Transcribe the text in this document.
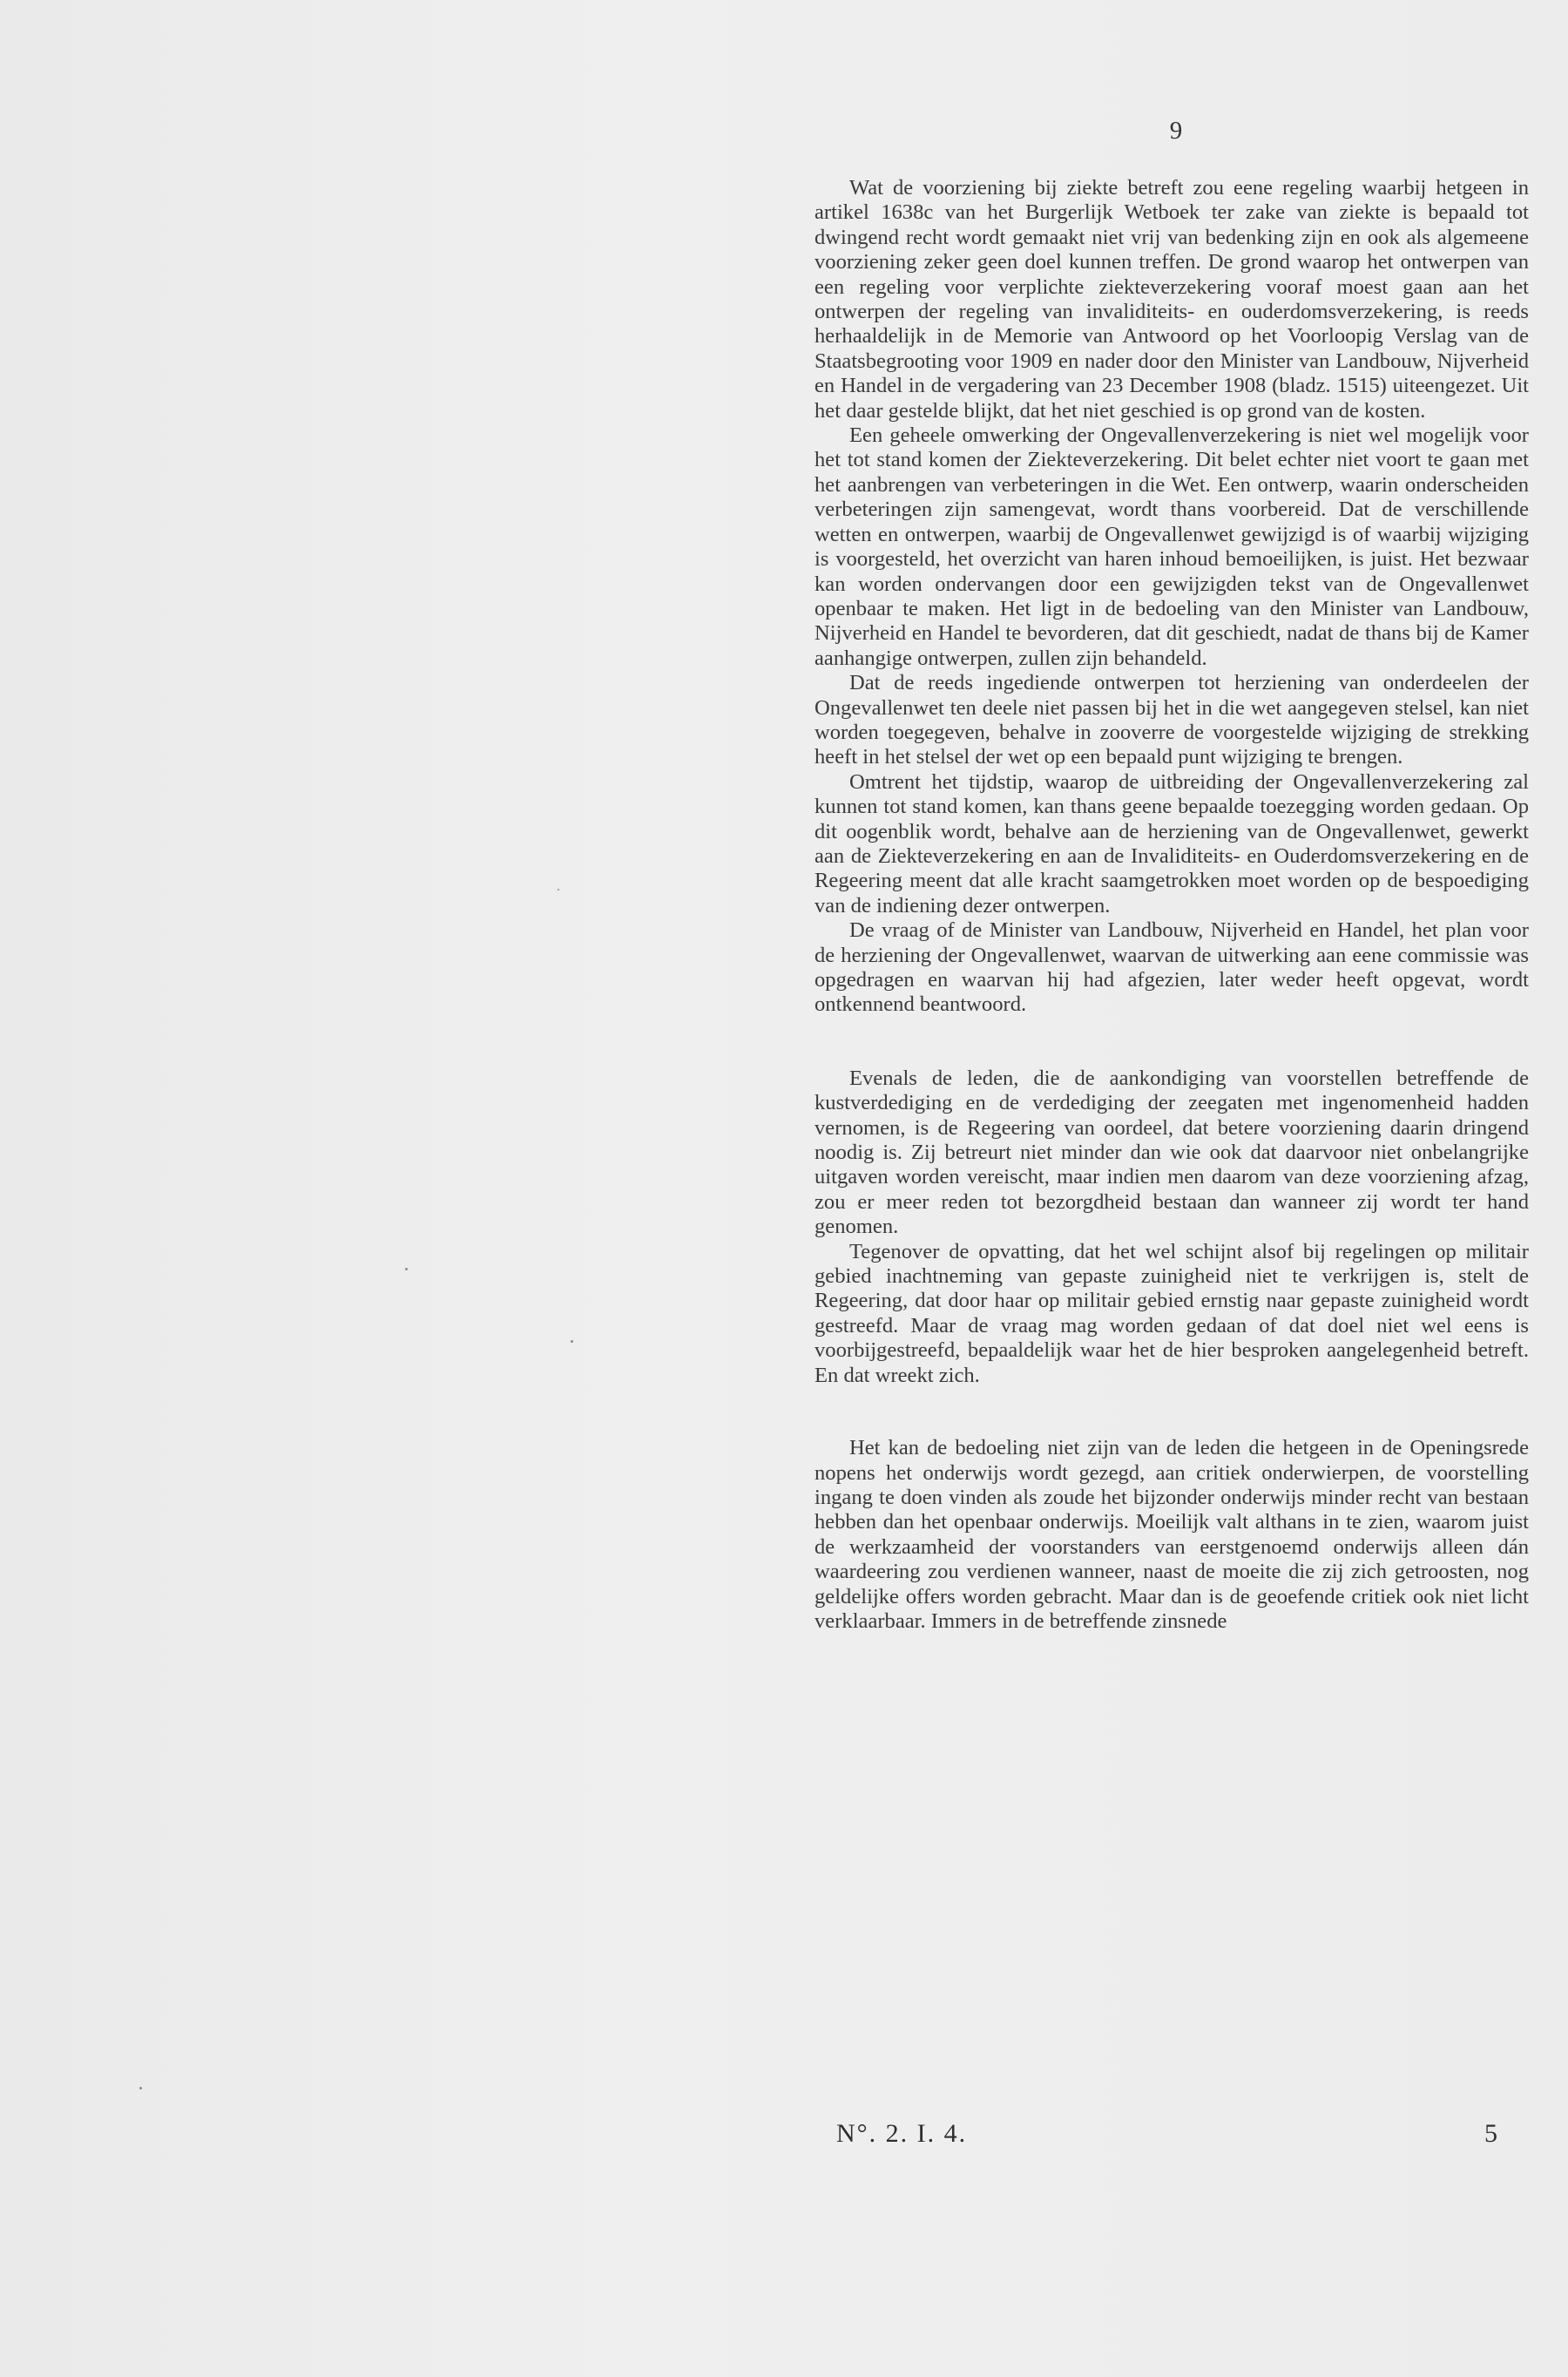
9

Wat de voorziening bij ziekte betreft zou eene regeling waarbij hetgeen in artikel 1638c van het Burgerlijk Wetboek ter zake van ziekte is bepaald tot dwingend recht wordt gemaakt niet vrij van bedenking zijn en ook als algemeene voorziening zeker geen doel kunnen treffen. De grond waarop het ontwerpen van een regeling voor verplichte ziekteverzekering vooraf moest gaan aan het ontwerpen der regeling van invaliditeits- en ouderdomsverzekering, is reeds herhaaldelijk in de Memorie van Antwoord op het Voorloopig Verslag van de Staatsbegrooting voor 1909 en nader door den Minister van Landbouw, Nijverheid en Handel in de vergadering van 23 December 1908 (bladz. 1515) uiteengezet. Uit het daar gestelde blijkt, dat het niet geschied is op grond van de kosten.

Een geheele omwerking der Ongevallenverzekering is niet wel mogelijk voor het tot stand komen der Ziekteverzekering. Dit belet echter niet voort te gaan met het aanbrengen van verbeteringen in die Wet. Een ontwerp, waarin onderscheiden verbeteringen zijn samengevat, wordt thans voorbereid. Dat de verschillende wetten en ontwerpen, waarbij de Ongevallenwet gewijzigd is of waarbij wijziging is voorgesteld, het overzicht van haren inhoud bemoeilijken, is juist. Het bezwaar kan worden ondervangen door een gewijzigden tekst van de Ongevallenwet openbaar te maken. Het ligt in de bedoeling van den Minister van Landbouw, Nijverheid en Handel te bevorderen, dat dit geschiedt, nadat de thans bij de Kamer aanhangige ontwerpen, zullen zijn behandeld.

Dat de reeds ingediende ontwerpen tot herziening van onderdeelen der Ongevallenwet ten deele niet passen bij het in die wet aangegeven stelsel, kan niet worden toegegeven, behalve in zooverre de voorgestelde wijziging de strekking heeft in het stelsel der wet op een bepaald punt wijziging te brengen.

Omtrent het tijdstip, waarop de uitbreiding der Ongevallenverzekering zal kunnen tot stand komen, kan thans geene bepaalde toezegging worden gedaan. Op dit oogenblik wordt, behalve aan de herziening van de Ongevallenwet, gewerkt aan de Ziekteverzekering en aan de Invaliditeits- en Ouderdomsverzekering en de Regeering meent dat alle kracht saamgetrokken moet worden op de bespoediging van de indiening dezer ontwerpen.

De vraag of de Minister van Landbouw, Nijverheid en Handel, het plan voor de herziening der Ongevallenwet, waarvan de uitwerking aan eene commissie was opgedragen en waarvan hij had afgezien, later weder heeft opgevat, wordt ontkennend beantwoord.

Evenals de leden, die de aankondiging van voorstellen betreffende de kustverdediging en de verdediging der zeegaten met ingenomenheid hadden vernomen, is de Regeering van oordeel, dat betere voorziening daarin dringend noodig is. Zij betreurt niet minder dan wie ook dat daarvoor niet onbelangrijke uitgaven worden vereischt, maar indien men daarom van deze voorziening afzag, zou er meer reden tot bezorgdheid bestaan dan wanneer zij wordt ter hand genomen.

Tegenover de opvatting, dat het wel schijnt alsof bij regelingen op militair gebied inachtneming van gepaste zuinigheid niet te verkrijgen is, stelt de Regeering, dat door haar op militair gebied ernstig naar gepaste zuinigheid wordt gestreefd. Maar de vraag mag worden gedaan of dat doel niet wel eens is voorbijgestreefd, bepaaldelijk waar het de hier besproken aangelegenheid betreft. En dat wreekt zich.

Het kan de bedoeling niet zijn van de leden die hetgeen in de Openingsrede nopens het onderwijs wordt gezegd, aan critiek onderwierpen, de voorstelling ingang te doen vinden als zoude het bijzonder onderwijs minder recht van bestaan hebben dan het openbaar onderwijs. Moeilijk valt althans in te zien, waarom juist de werkzaamheid der voorstanders van eerstgenoemd onderwijs alleen dán waardeering zou verdienen wanneer, naast de moeite die zij zich getroosten, nog geldelijke offers worden gebracht. Maar dan is de geoefende critiek ook niet licht verklaarbaar. Immers in de betreffende zinsnede

N°. 2. I. 4.	5
